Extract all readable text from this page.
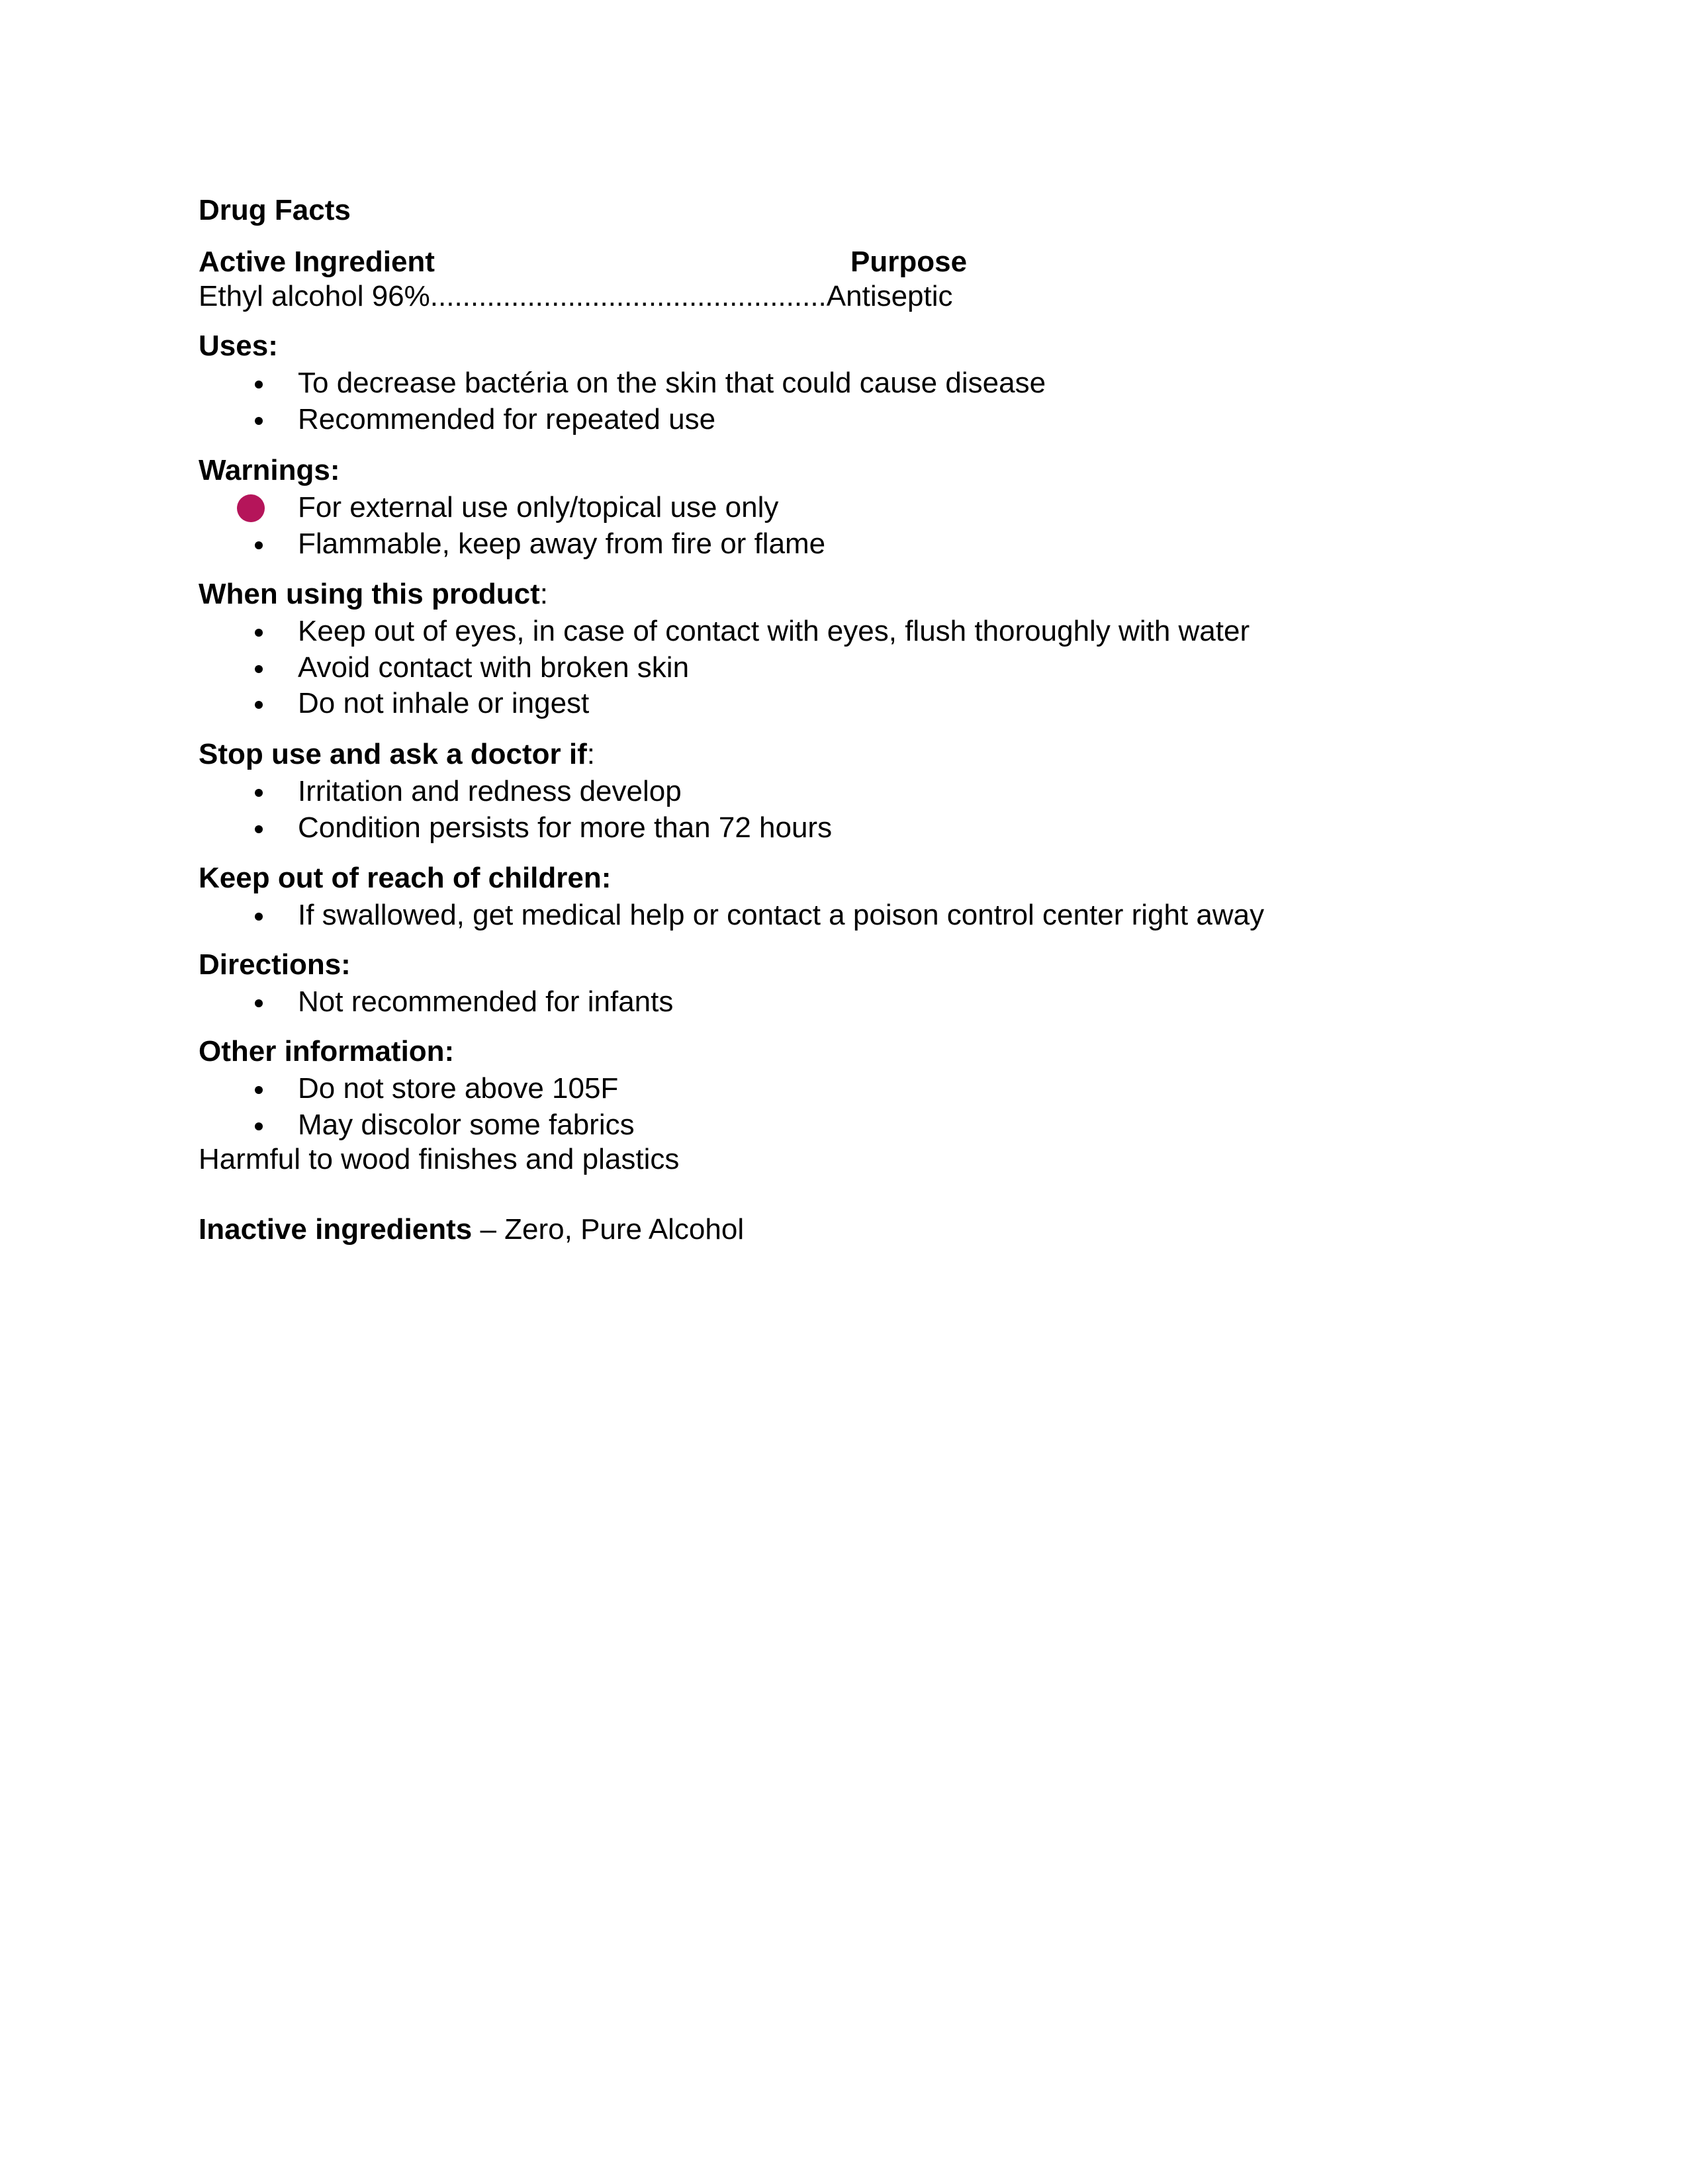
Drug Facts
Active Ingredient	Purpose
Ethyl alcohol 96%.................................................Antiseptic
Uses:
To decrease bactéria on the skin that could cause disease
Recommended for repeated use
Warnings:
For external use only/topical use only
Flammable, keep away from fire or flame
When using this product:
Keep out of eyes, in case of contact with eyes, flush thoroughly with water
Avoid contact with broken skin
Do not inhale or ingest
Stop use and ask a doctor if:
Irritation and redness develop
Condition persists for more than 72 hours
Keep out of reach of children:
If swallowed, get medical help or contact a poison control center right away
Directions:
Not recommended for infants
Other information:
Do not store above 105F
May discolor some fabrics
Harmful to wood finishes and plastics
Inactive ingredients – Zero, Pure Alcohol
